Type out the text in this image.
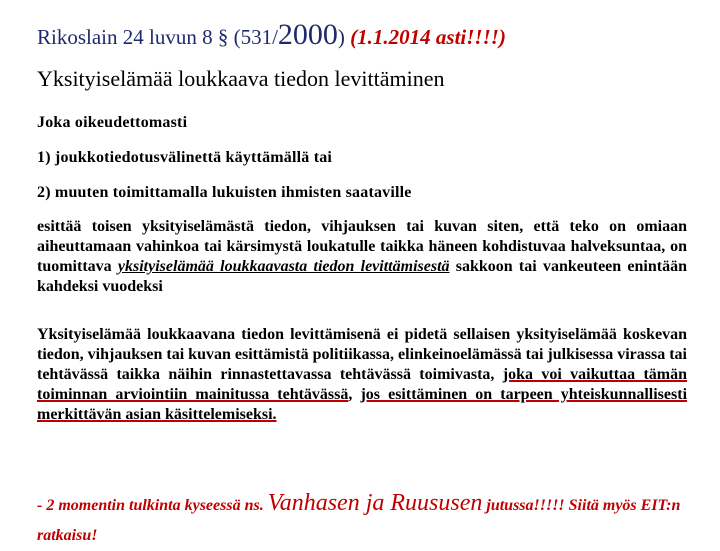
Rikoslain 24 luvun 8 § (531/2000) (1.1.2014 asti!!!!)
Yksityiselämää loukkaava tiedon levittäminen
Joka oikeudettomasti
1) joukkotiedotusvälinettä käyttämällä tai
2) muuten toimittamalla lukuisten ihmisten saataville
esittää toisen yksityiselämästä tiedon, vihjauksen tai kuvan siten, että teko on omiaan aiheuttamaan vahinkoa tai kärsimystä loukatulle taikka häneen kohdistuvaa halveksuntaa, on tuomittava yksityiselämää loukkaavasta tiedon levittämisestä sakkoon tai vankeuteen enintään kahdeksi vuodeksi
Yksityiselämää loukkaavana tiedon levittämisenä ei pidetä sellaisen yksityiselämää koskevan tiedon, vihjauksen tai kuvan esittämistä politiikassa, elinkeinoelämässä tai julkisessa virassa tai tehtävässä taikka näihin rinnastettavassa tehtävässä toimivasta, joka voi vaikuttaa tämän toiminnan arviointiin mainitussa tehtävässä, jos esittäminen on tarpeen yhteiskunnallisesti merkittävän asian käsittelemiseksi.
- 2 momentin tulkinta kyseessä ns. Vanhasen ja Ruususen jutussa!!!!! Siitä myös EIT:n ratkaisu!
